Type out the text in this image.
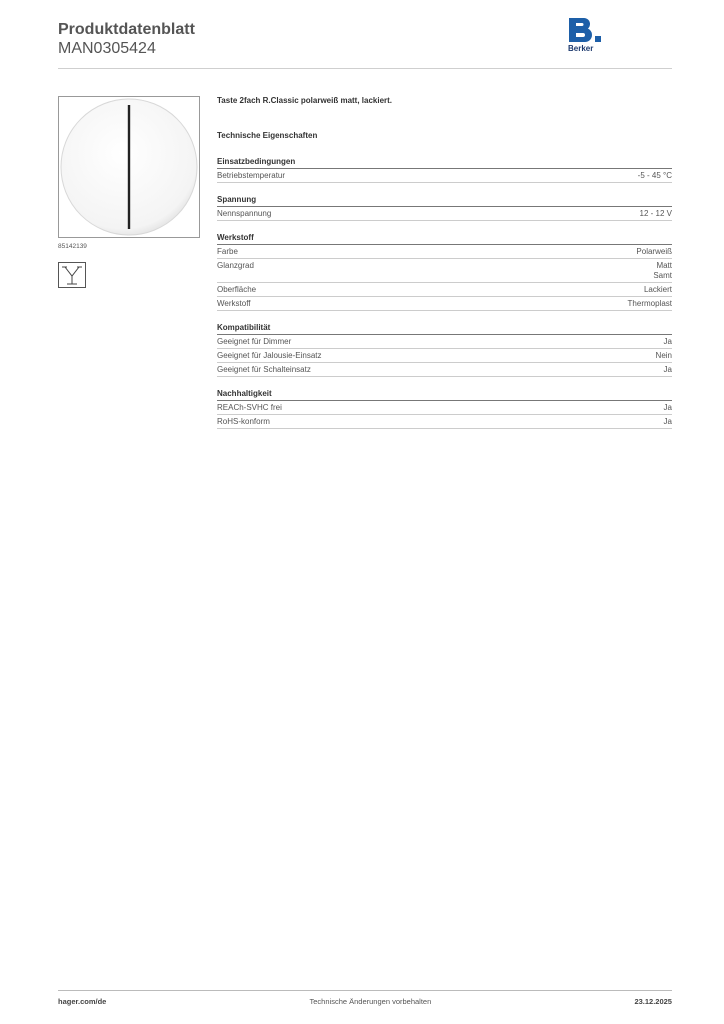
Produktdatenblatt
MAN0305424	Berker
85142139
Taste 2fach R.Classic polarweiß matt, lackiert.
Technische Eigenschaften
Einsatzbedingungen
Betriebstemperatur	-5 - 45 °C
Spannung
Nennspannung	12 - 12 V
Werkstoff
Farbe	Polarweiß
Glanzgrad	Matt
Samt
Oberfläche	Lackiert
Werkstoff	Thermoplast
Kompatibilität
Geeignet für Dimmer	Ja
Geeignet für Jalousie-Einsatz	Nein
Geeignet für Schalteinsatz	Ja
Nachhaltigkeit
REACh-SVHC frei	Ja
RoHS-konform	Ja
hager.com/de	Technische Änderungen vorbehalten	23.12.2025
